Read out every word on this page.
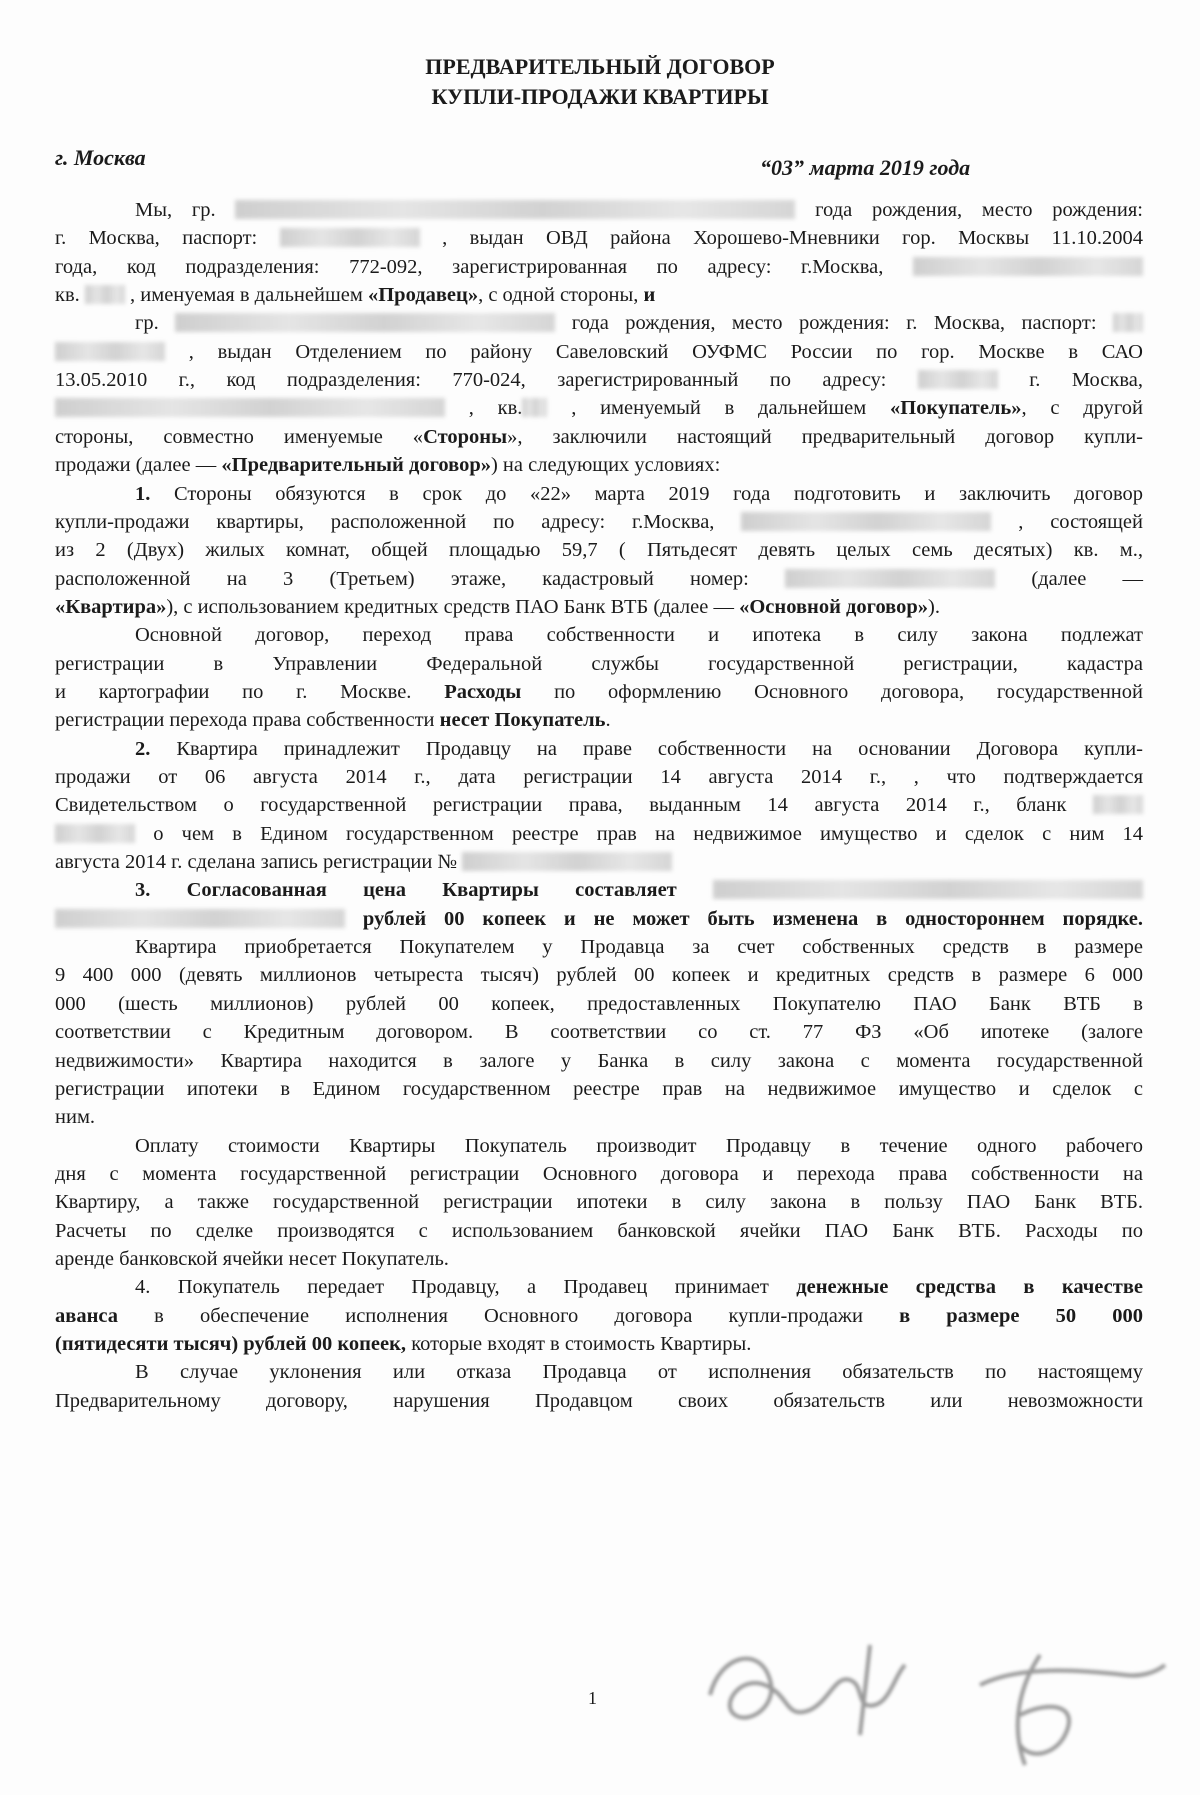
ПРЕДВАРИТЕЛЬНЫЙ ДОГОВОР
КУПЛИ-ПРОДАЖИ КВАРТИРЫ
г. Москва	“03” марта 2019 года
Мы, гр.	года рождения, место рождения:
г. Москва, паспорт:	, выдан ОВД района Хорошево-Мневники гор. Москвы 11.10.2004
года, код подразделения: 772-092, зарегистрированная по адресу: г.Москва,
кв.  , именуемая в дальнейшем «Продавец», с одной стороны, и
гр.	года рождения, место рождения: г. Москва, паспорт:
, выдан Отделением по району Савеловский ОУФМС России по гор. Москве в САО
13.05.2010 г., код подразделения: 770-024, зарегистрированный по адресу:	г. Москва,
, кв. , именуемый в дальнейшем «Покупатель», с другой
стороны, совместно именуемые «Стороны», заключили настоящий предварительный договор купли-
продажи (далее — «Предварительный договор») на следующих условиях:
1. Стороны обязуются в срок до «22» марта 2019 года подготовить и заключить договор
купли-продажи квартиры, расположенной по адресу: г.Москва,	, состоящей
из 2 (Двух) жилых комнат, общей площадью 59,7 ( Пятьдесят девять целых семь десятых) кв. м.,
расположенной на 3 (Третьем) этаже, кадастровый номер:	(далее —
«Квартира»), с использованием кредитных средств ПАО Банк ВТБ (далее — «Основной договор»).
Основной договор, переход права собственности и ипотека в силу закона подлежат
регистрации в Управлении Федеральной службы государственной регистрации, кадастра
и картографии по г. Москве. Расходы по оформлению Основного договора, государственной
регистрации перехода права собственности несет Покупатель.
2. Квартира принадлежит Продавцу на праве собственности на основании Договора купли-
продажи от 06 августа 2014 г., дата регистрации 14 августа 2014 г., , что подтверждается
Свидетельством о государственной регистрации права, выданным 14 августа 2014 г., бланк
о чем в Едином государственном реестре прав на недвижимое имущество и сделок с ним 14
августа 2014 г. сделана запись регистрации №
3. Согласованная цена Квартиры составляет
рублей 00 копеек и не может быть изменена в одностороннем порядке.
Квартира приобретается Покупателем у Продавца за счет собственных средств в размере
9 400 000 (девять миллионов четыреста тысяч) рублей 00 копеек и кредитных средств в размере 6 000
000 (шесть миллионов) рублей 00 копеек, предоставленных Покупателю ПАО Банк ВТБ в
соответствии с Кредитным договором. В соответствии со ст. 77 ФЗ «Об ипотеке (залоге
недвижимости» Квартира находится в залоге у Банка в силу закона с момента государственной
регистрации ипотеки в Едином государственном реестре прав на недвижимое имущество и сделок с
ним.
Оплату стоимости Квартиры Покупатель производит Продавцу в течение одного рабочего
дня с момента государственной регистрации Основного договора и перехода права собственности на
Квартиру, а также государственной регистрации ипотеки в силу закона в пользу ПАО Банк ВТБ.
Расчеты по сделке производятся с использованием банковской ячейки ПАО Банк ВТБ. Расходы по
аренде банковской ячейки несет Покупатель.
4. Покупатель передает Продавцу, а Продавец принимает денежные средства в качестве
аванса в обеспечение исполнения Основного договора купли-продажи в размере 50 000
(пятидесяти тысяч) рублей 00 копеек, которые входят в стоимость Квартиры.
В случае уклонения или отказа Продавца от исполнения обязательств по настоящему
Предварительному договору, нарушения Продавцом своих обязательств или невозможности
1
